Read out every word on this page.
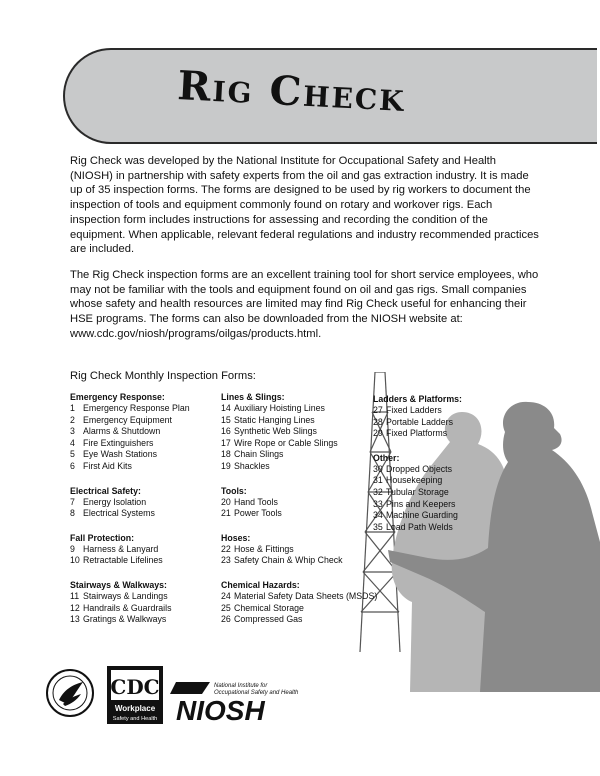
Rig Check

Rig Check was developed by the National Institute for Occupational Safety and Health (NIOSH) in partnership with safety experts from the oil and gas extraction industry. It is made up of 35 inspection forms. The forms are designed to be used by rig workers to document the inspection of tools and equipment commonly found on rotary and workover rigs. Each inspection form includes instructions for assessing and recording the condition of the equipment. When applicable, relevant federal regulations and industry recommended practices are included.

The Rig Check inspection forms are an excellent training tool for short service employees, who may not be familiar with the tools and equipment found on oil and gas rigs. Small companies whose safety and health resources are limited may find Rig Check useful for enhancing their HSE programs. The forms can also be downloaded from the NIOSH website at: www.cdc.gov/niosh/programs/oilgas/products.html.

Rig Check Monthly Inspection Forms:
Emergency Response:
1 Emergency Response Plan
2 Emergency Equipment
3 Alarms & Shutdown
4 Fire Extinguishers
5 Eye Wash Stations
6 First Aid Kits
Electrical Safety:
7 Energy Isolation
8 Electrical Systems
Fall Protection:
9 Harness & Lanyard
10 Retractable Lifelines
Stairways & Walkways:
11 Stairways & Landings
12 Handrails & Guardrails
13 Gratings & Walkways
Lines & Slings:
14 Auxiliary Hoisting Lines
15 Static Hanging Lines
16 Synthetic Web Slings
17 Wire Rope or Cable Slings
18 Chain Slings
19 Shackles
Tools:
20 Hand Tools
21 Power Tools
Hoses:
22 Hose & Fittings
23 Safety Chain & Whip Check
Chemical Hazards:
24 Material Safety Data Sheets (MSDS)
25 Chemical Storage
26 Compressed Gas
Ladders & Platforms:
27 Fixed Ladders
28 Portable Ladders
29 Fixed Platforms
Other:
30 Dropped Objects
31 Housekeeping
32 Tubular Storage
33 Pins and Keepers
34 Machine Guarding
35 Load Path Welds
CDC
Workplace
Safety and Health
National Institute for
Occupational Safety and Health
NIOSH
